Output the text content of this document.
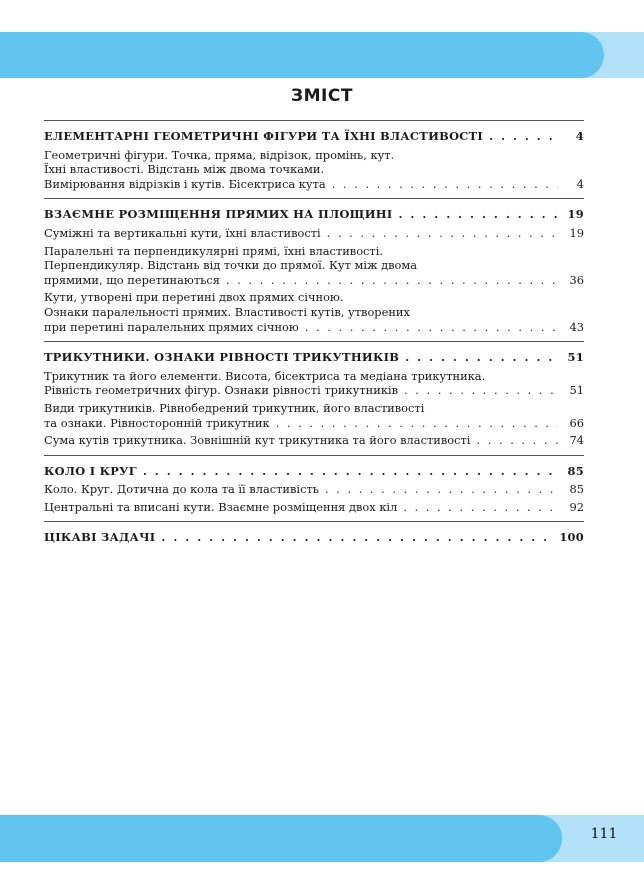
ЗМІСТ
ЕЛЕМЕНТАРНІ ГЕОМЕТРИЧНІ ФІГУРИ ТА ЇХНІ ВЛАСТИВОСТІ . . .	4
Геометричні фігури. Точка, пряма, відрізок, промінь, кут.
Їхні властивості. Відстань між двома точками.
Вимірювання відрізків і кутів. Бісектриса кута . . .	4
ВЗАЄМНЕ РОЗМІЩЕННЯ ПРЯМИХ НА ПЛОЩИНІ . . .	19
Суміжні та вертикальні кути, їхні властивості . . .	19
Паралельні та перпендикулярні прямі, їхні властивості.
Перпендикуляр. Відстань від точки до прямої. Кут між двома
прямими, що перетинаються . . .	36
Кути, утворені при перетині двох прямих січною.
Ознаки паралельності прямих. Властивості кутів, утворених
при перетині паралельних прямих січною . . .	43
ТРИКУТНИКИ. ОЗНАКИ РІВНОСТІ ТРИКУТНИКІВ . . .	51
Трикутник та його елементи. Висота, бісектриса та медіана трикутника.
Рівність геометричних фігур. Ознаки рівності трикутників . . .	51
Види трикутників. Рівнобедрений трикутник, його властивості
та ознаки. Рівносторонній трикутник . . .	66
Сума кутів трикутника. Зовнішній кут трикутника та його властивості . . .	74
КОЛО І КРУГ . . .	85
Коло. Круг. Дотична до кола та її властивість . . .	85
Центральні та вписані кути. Взаємне розміщення двох кіл . . .	92
ЦІКАВІ ЗАДАЧІ . . .	100
111
